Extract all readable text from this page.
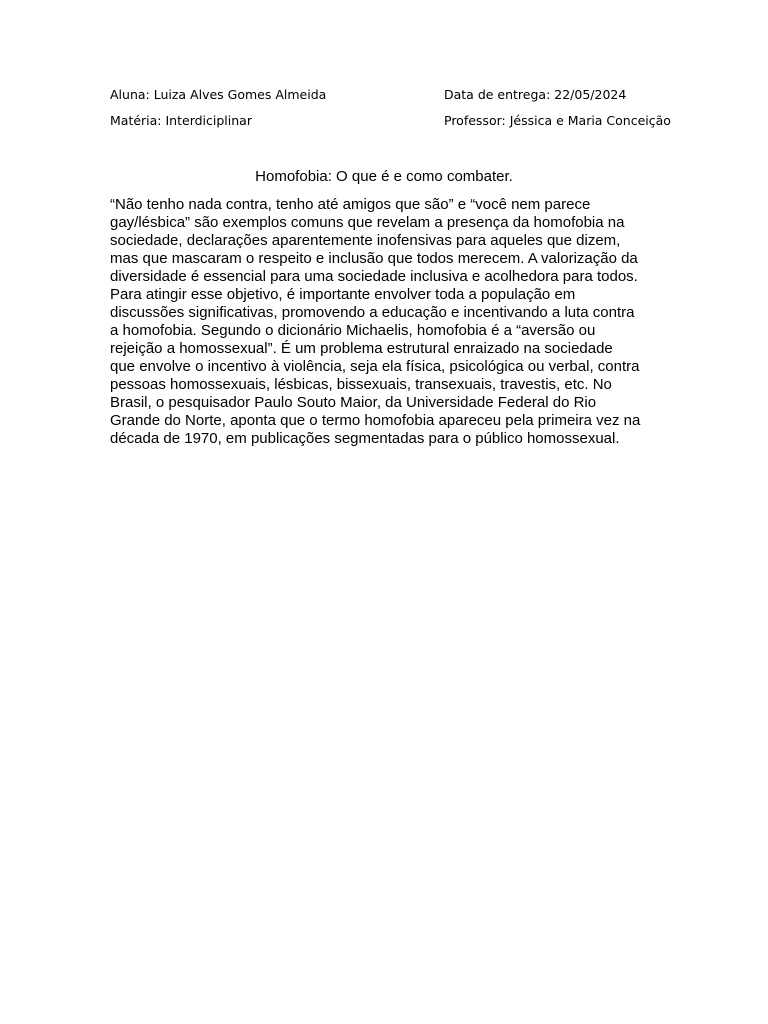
Aluna: Luiza Alves Gomes Almeida	Data de entrega: 22/05/2024
Matéria: Interdiciplinar	Professor: Jéssica e Maria Conceição
Homofobia: O que é e como combater.

“Não tenho nada contra, tenho até amigos que são” e “você nem parece
gay/lésbica” são exemplos comuns que revelam a presença da homofobia na
sociedade, declarações aparentemente inofensivas para aqueles que dizem,
mas que mascaram o respeito e inclusão que todos merecem. A valorização da
diversidade é essencial para uma sociedade inclusiva e acolhedora para todos.
Para atingir esse objetivo, é importante envolver toda a população em
discussões significativas, promovendo a educação e incentivando a luta contra
a homofobia. Segundo o dicionário Michaelis, homofobia é a “aversão ou
rejeição a homossexual”. É um problema estrutural enraizado na sociedade
que envolve o incentivo à violência, seja ela física, psicológica ou verbal, contra
pessoas homossexuais, lésbicas, bissexuais, transexuais, travestis, etc. No
Brasil, o pesquisador Paulo Souto Maior, da Universidade Federal do Rio
Grande do Norte, aponta que o termo homofobia apareceu pela primeira vez na
década de 1970, em publicações segmentadas para o público homossexual.
